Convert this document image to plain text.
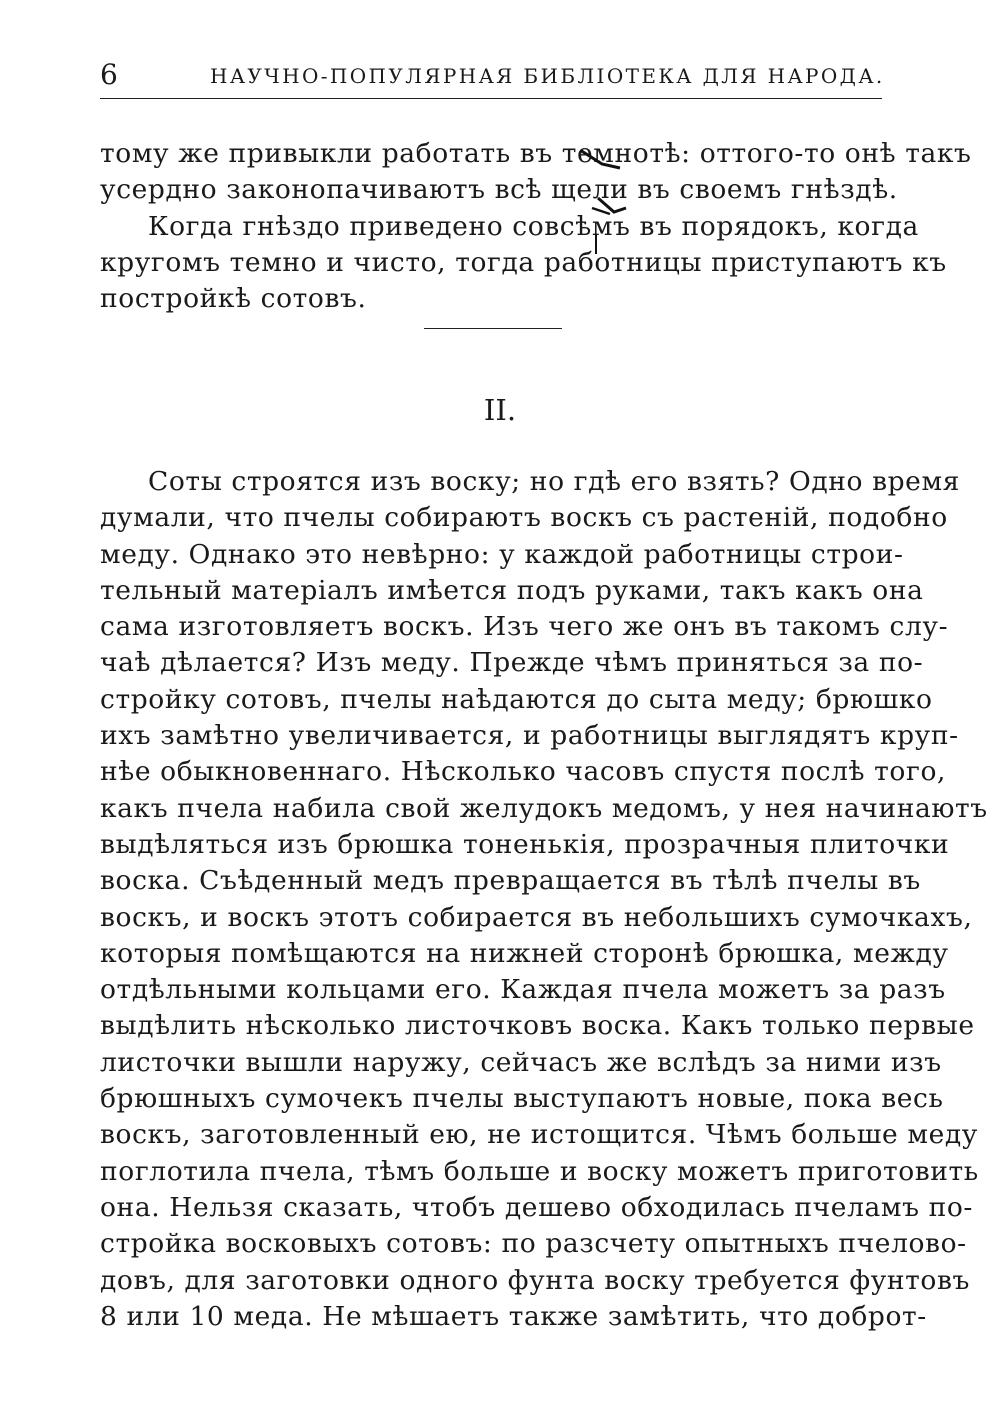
6	НАУЧНО-ПОПУЛЯРНАЯ БИБЛIОТЕКА ДЛЯ НАРОДА.
тому же привыкли работать въ темнотѣ: оттого-то онѣ такъ
усердно законопачиваютъ всѣ щели въ своемъ гнѣздѣ.
Когда гнѣздо приведено совсѣмъ въ порядокъ, когда
кругомъ темно и чисто, тогда работницы приступаютъ къ
постройкѣ сотовъ.
II.
Соты строятся изъ воску; но гдѣ его взять? Одно время
думали, что пчелы собираютъ воскъ съ растенiй, подобно
меду. Однако это невѣрно: у каждой работницы строи-
тельный матерiалъ имѣется подъ руками, такъ какъ она
сама изготовляетъ воскъ. Изъ чего же онъ въ такомъ слу-
чаѣ дѣлается? Изъ меду. Прежде чѣмъ приняться за по-
стройку сотовъ, пчелы наѣдаются до сыта меду; брюшко
ихъ замѣтно увеличивается, и работницы выглядятъ круп-
нѣе обыкновеннаго. Нѣсколько часовъ спустя послѣ того,
какъ пчела набила свой желудокъ медомъ, у нея начинаютъ
выдѣляться изъ брюшка тоненькiя, прозрачныя плиточки
воска. Съѣденный медъ превращается въ тѣлѣ пчелы въ
воскъ, и воскъ этотъ собирается въ небольшихъ сумочкахъ,
которыя помѣщаются на нижней сторонѣ брюшка, между
отдѣльными кольцами его. Каждая пчела можетъ за разъ
выдѣлить нѣсколько листочковъ воска. Какъ только первые
листочки вышли наружу, сейчасъ же вслѣдъ за ними изъ
брюшныхъ сумочекъ пчелы выступаютъ новые, пока весь
воскъ, заготовленный ею, не истощится. Чѣмъ больше меду
поглотила пчела, тѣмъ больше и воску можетъ приготовить
она. Нельзя сказать, чтобъ дешево обходилась пчеламъ по-
стройка восковыхъ сотовъ: по разсчету опытныхъ пчеловo-
довъ, для заготовки одного фунта воску требуется фунтовъ
8 или 10 меда. Не мѣшаетъ также замѣтить, что доброт-
